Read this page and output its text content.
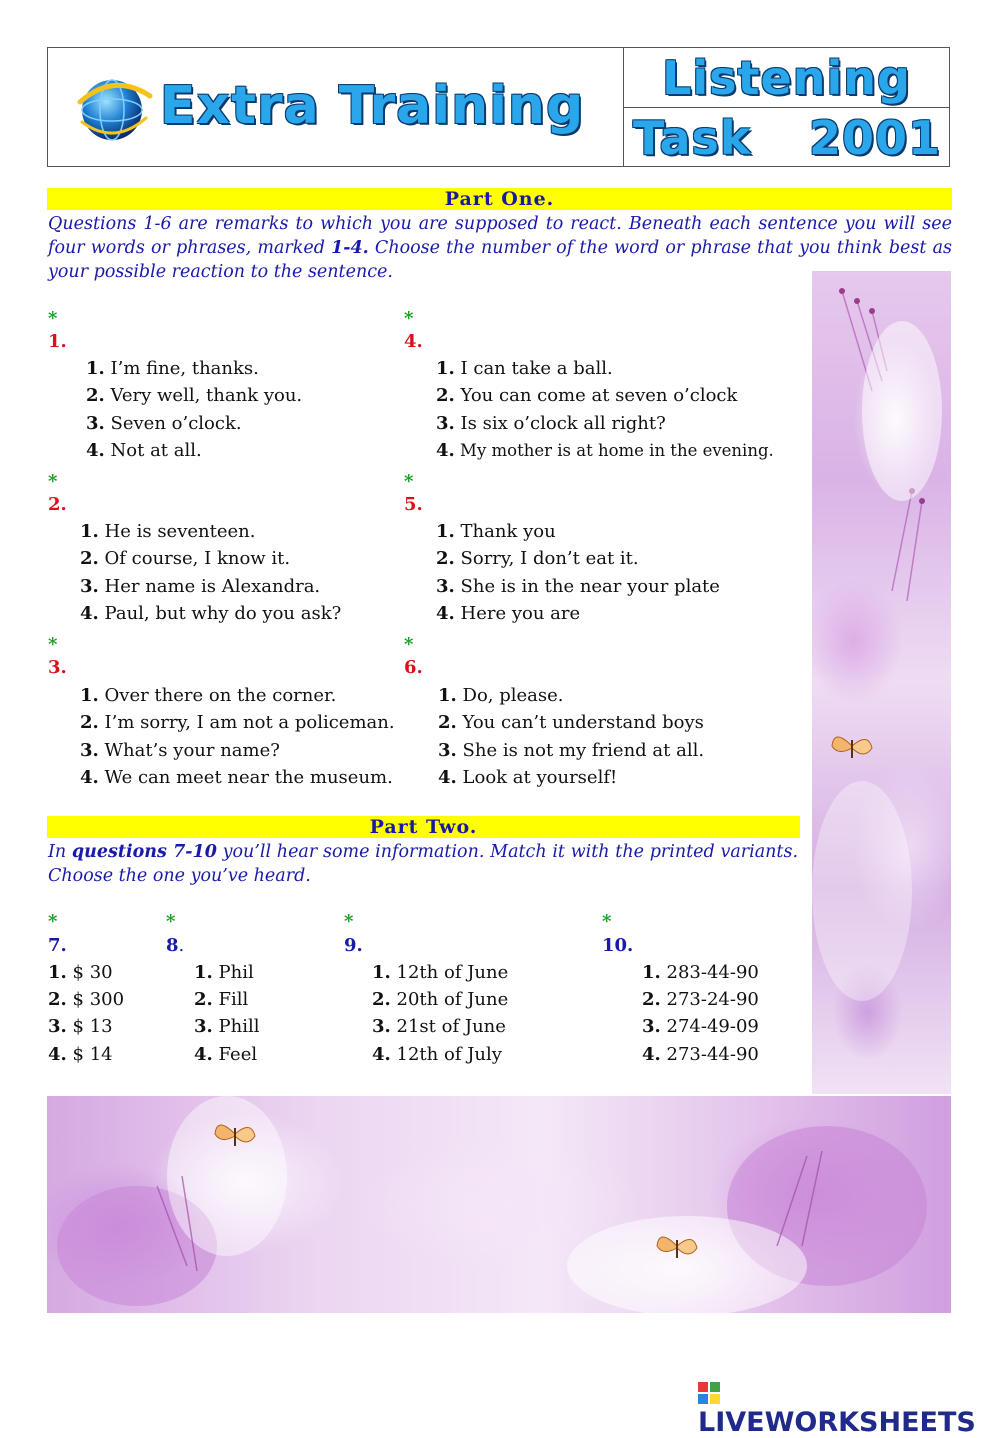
Extra Training	Listening
Task 2001
Part One.
Questions 1-6 are remarks to which you are supposed to react. Beneath each sentence you will see four words or phrases, marked 1-4. Choose the number of the word or phrase that you think best as your possible reaction to the sentence.
*
1.
1. I’m fine, thanks.
2. Very well, thank you.
3. Seven o’clock.
4. Not at all.
*
2.
1. He is seventeen.
2. Of course, I know it.
3. Her name is Alexandra.
4. Paul, but why do you ask?
*
3.
1. Over there on the corner.
2. I’m sorry, I am not a policeman.
3. What’s your name?
4. We can meet near the museum.
*
4.
1. I can take a ball.
2. You can come at seven o’clock
3. Is six o’clock all right?
4. My mother is at home in the evening.
*
5.
1. Thank you
2. Sorry, I don’t eat it.
3. She is in the near your plate
4. Here you are
*
6.
1. Do, please.
2. You can’t understand boys
3. She is not my friend at all.
4. Look at yourself!
Part Two.
In questions 7-10 you’ll hear some information. Match it with the printed variants. Choose the one you’ve heard.
*
7.
1. $ 30
2. $ 300
3. $ 13
4. $ 14
*
8.
1. Phil
2. Fill
3. Phill
4. Feel
*
9.
1. 12th of June
2. 20th of June
3. 21st of June
4. 12th of July
*
10.
1. 283-44-90
2. 273-24-90
3. 274-49-09
4. 273-44-90
LIVEWORKSHEETS
